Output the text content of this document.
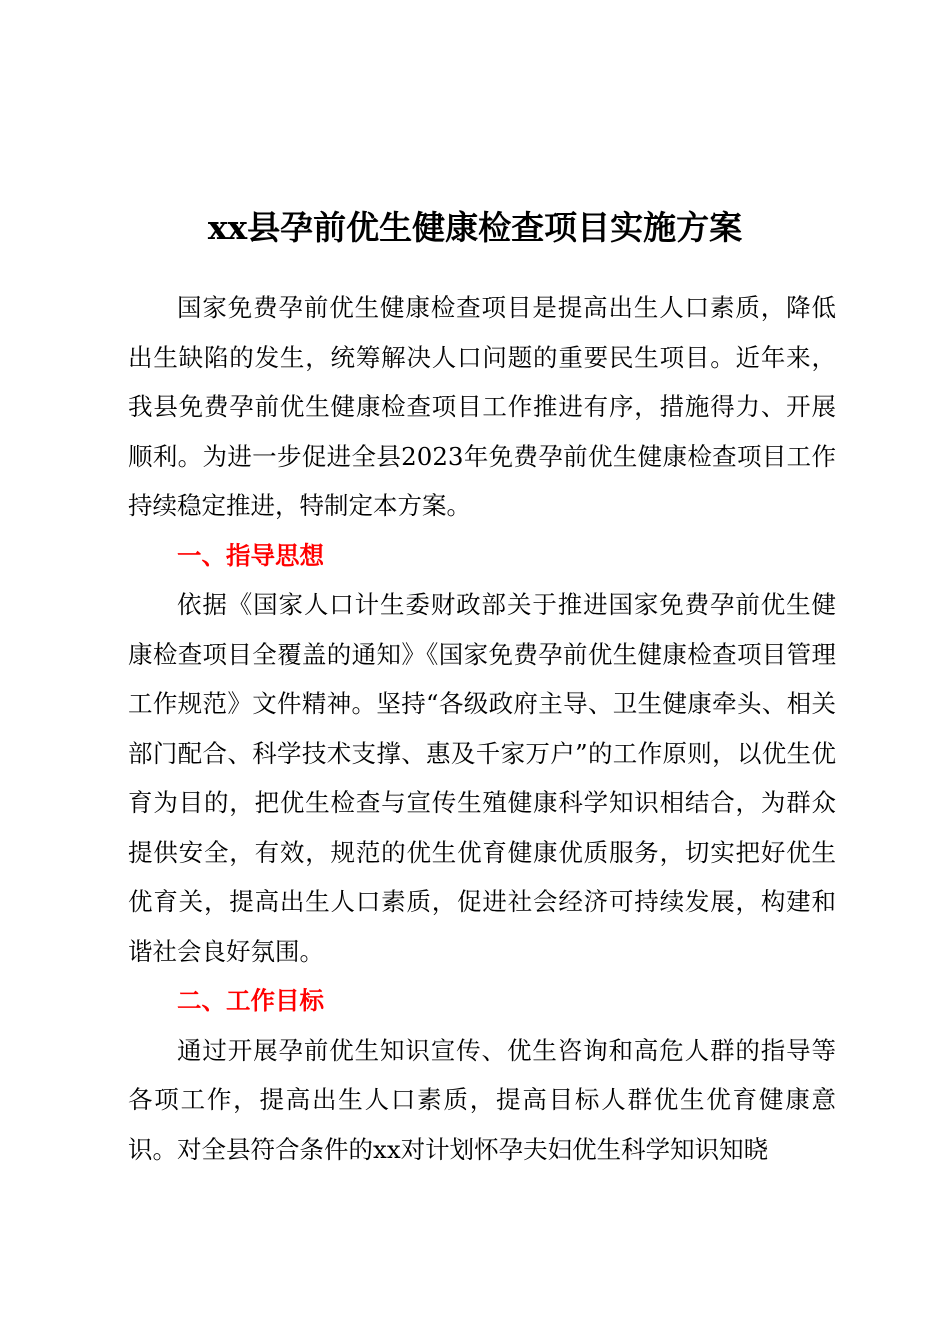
xx县孕前优生健康检查项目实施方案

国家免费孕前优生健康检查项目是提高出生人口素质，降低出生缺陷的发生，统筹解决人口问题的重要民生项目。近年来，我县免费孕前优生健康检查项目工作推进有序，措施得力、开展顺利。为进一步促进全县2023年免费孕前优生健康检查项目工作持续稳定推进，特制定本方案。

一、指导思想

依据《国家人口计生委财政部关于推进国家免费孕前优生健康检查项目全覆盖的通知》《国家免费孕前优生健康检查项目管理工作规范》文件精神。坚持“各级政府主导、卫生健康牵头、相关部门配合、科学技术支撑、惠及千家万户”的工作原则，以优生优育为目的，把优生检查与宣传生殖健康科学知识相结合，为群众提供安全，有效，规范的优生优育健康优质服务，切实把好优生优育关，提高出生人口素质，促进社会经济可持续发展，构建和谐社会良好氛围。

二、工作目标

通过开展孕前优生知识宣传、优生咨询和高危人群的指导等各项工作，提高出生人口素质，提高目标人群优生优育健康意识。对全县符合条件的xx对计划怀孕夫妇优生科学知识知晓
